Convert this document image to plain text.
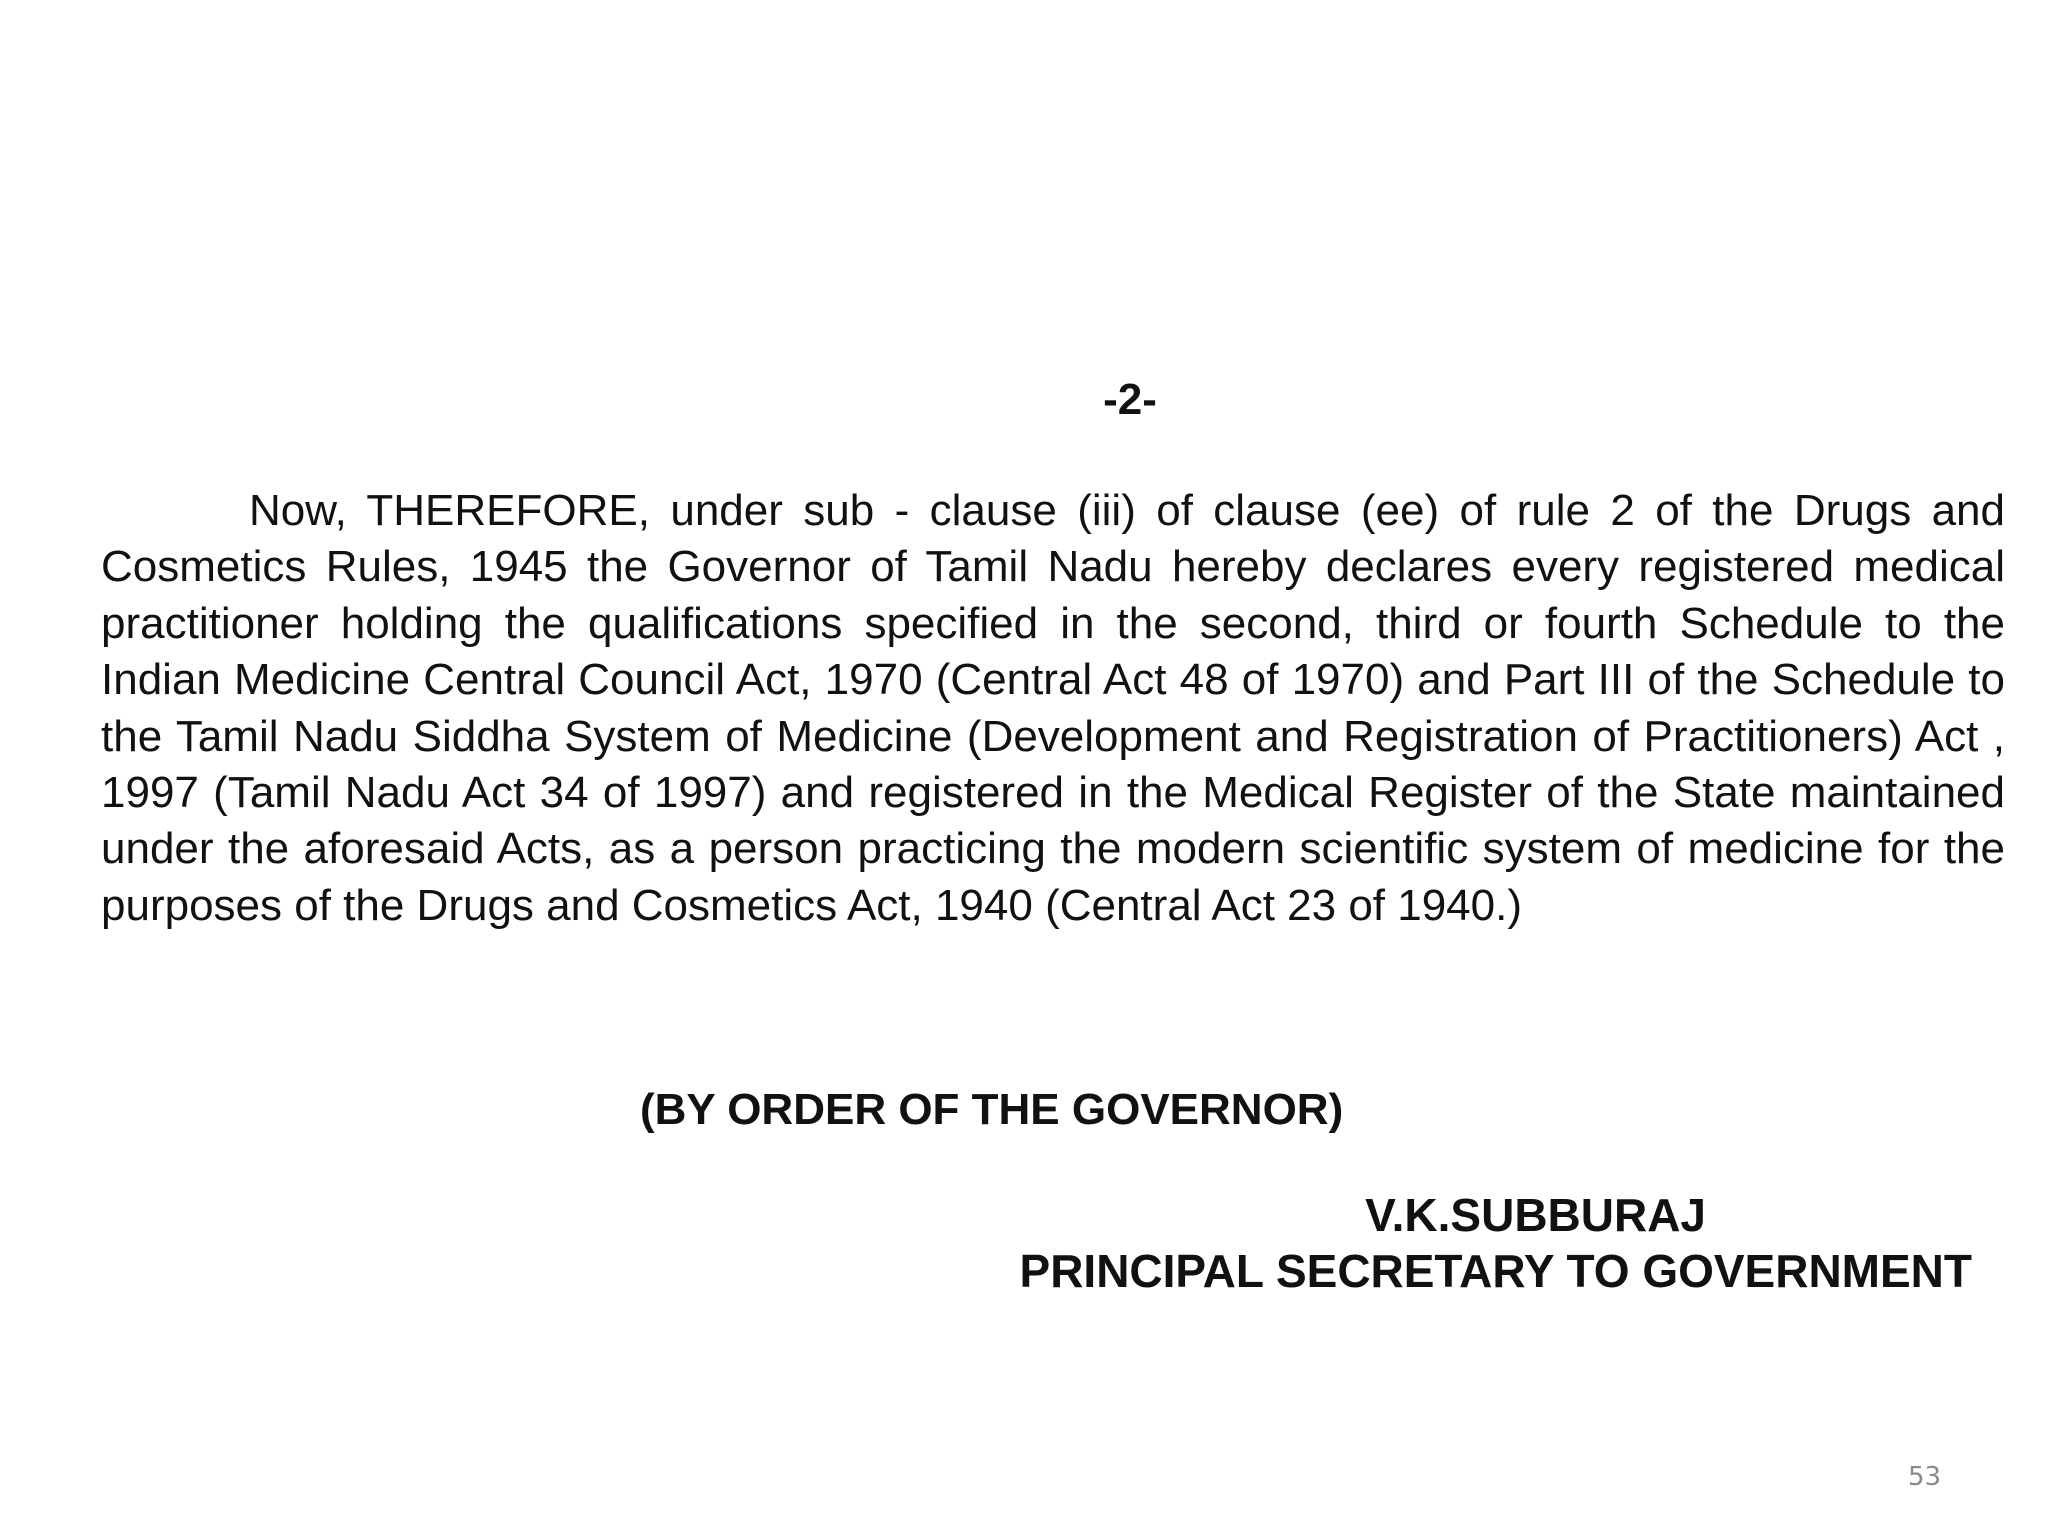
-2-

Now, THEREFORE, under sub - clause (iii) of clause (ee) of rule 2 of the Drugs and Cosmetics Rules, 1945 the Governor of Tamil Nadu hereby declares every registered medical practitioner holding the qualifications specified in the second, third or fourth Schedule to the Indian Medicine Central Council Act, 1970 (Central Act 48 of 1970) and Part III of the Schedule to the Tamil Nadu Siddha System of Medicine (Development and Registration of Practitioners) Act , 1997 (Tamil Nadu Act 34 of 1997) and registered in the Medical Register of the State maintained under the aforesaid Acts, as a person practicing the modern scientific system of medicine for the purposes of the Drugs and Cosmetics Act, 1940 (Central Act 23 of 1940.)

(BY ORDER OF THE GOVERNOR)

V.K.SUBBURAJ
PRINCIPAL SECRETARY TO GOVERNMENT

53
